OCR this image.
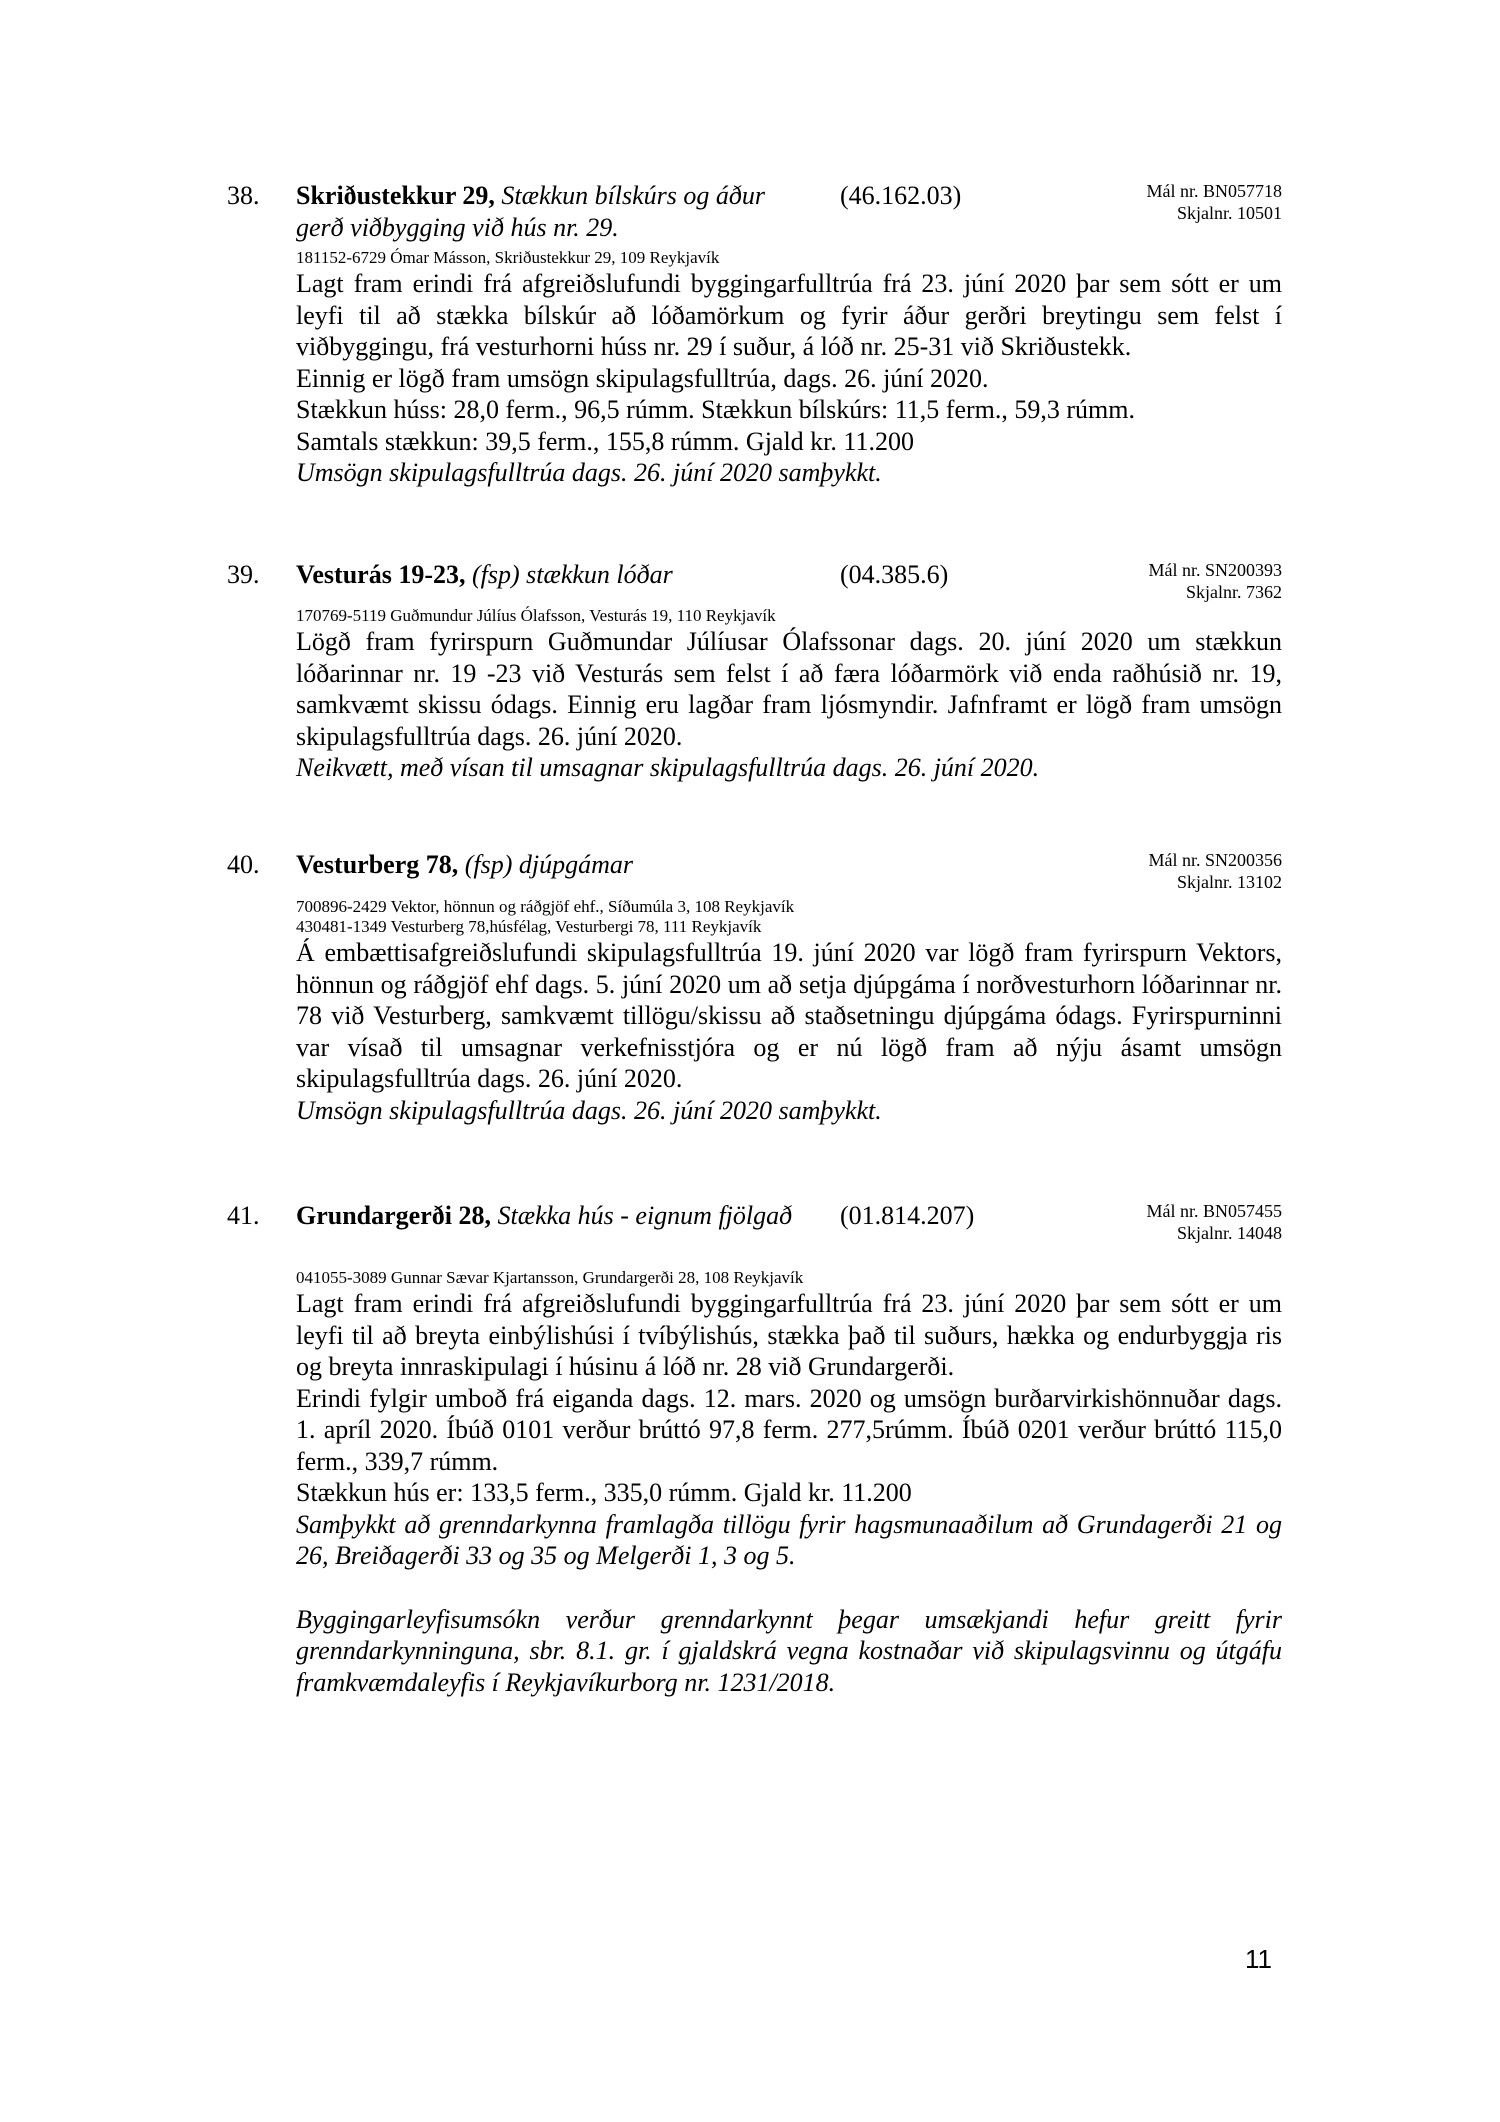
38. Skriðustekkur 29, Stækkun bílskúrs og áður gerð viðbygging við hús nr. 29.
(46.162.03)	Mál nr. BN057718
Skjalnr. 10501
181152-6729 Ómar Másson, Skriðustekkur 29, 109 Reykjavík

Lagt fram erindi frá afgreiðslufundi byggingarfulltrúa frá 23. júní 2020 þar sem sótt er um leyfi til að stækka bílskúr að lóðamörkum og fyrir áður gerðri breytingu sem felst í viðbyggingu, frá vesturhorni húss nr. 29 í suður, á lóð nr. 25-31 við Skriðustekk.

Einnig er lögð fram umsögn skipulagsfulltrúa, dags. 26. júní 2020.

Stækkun húss: 28,0 ferm., 96,5 rúmm. Stækkun bílskúrs: 11,5 ferm., 59,3 rúmm.

Samtals stækkun: 39,5 ferm., 155,8 rúmm. Gjald kr. 11.200

Umsögn skipulagsfulltrúa dags. 26. júní 2020 samþykkt.

39. Vesturás 19-23, (fsp) stækkun lóðar	(04.385.6)	Mál nr. SN200393
Skjalnr. 7362
170769-5119 Guðmundur Júlíus Ólafsson, Vesturás 19, 110 Reykjavík

Lögð fram fyrirspurn Guðmundar Júlíusar Ólafssonar dags. 20. júní 2020 um stækkun lóðarinnar nr. 19 -23 við Vesturás sem felst í að færa lóðarmörk við enda raðhúsið nr. 19, samkvæmt skissu ódags. Einnig eru lagðar fram ljósmyndir. Jafnframt er lögð fram umsögn skipulagsfulltrúa dags. 26. júní 2020.

Neikvætt, með vísan til umsagnar skipulagsfulltrúa dags. 26. júní 2020.

40. Vesturberg 78, (fsp) djúpgámar	Mál nr. SN200356
Skjalnr. 13102
700896-2429 Vektor, hönnun og ráðgjöf ehf., Síðumúla 3, 108 Reykjavík
430481-1349 Vesturberg 78,húsfélag, Vesturbergi 78, 111 Reykjavík

Á embættisafgreiðslufundi skipulagsfulltrúa 19. júní 2020 var lögð fram fyrirspurn Vektors, hönnun og ráðgjöf ehf dags. 5. júní 2020 um að setja djúpgáma í norðvesturhorn lóðarinnar nr. 78 við Vesturberg, samkvæmt tillögu/skissu að staðsetningu djúpgáma ódags. Fyrirspurninni var vísað til umsagnar verkefnisstjóra og er nú lögð fram að nýju ásamt umsögn skipulagsfulltrúa dags. 26. júní 2020.

Umsögn skipulagsfulltrúa dags. 26. júní 2020 samþykkt.

41. Grundargerði 28, Stækka hús - eignum fjölgað (01.814.207)	Mál nr. BN057455
Skjalnr. 14048
041055-3089 Gunnar Sævar Kjartansson, Grundargerði 28, 108 Reykjavík

Lagt fram erindi frá afgreiðslufundi byggingarfulltrúa frá 23. júní 2020 þar sem sótt er um leyfi til að breyta einbýlishúsi í tvíbýlishús, stækka það til suðurs, hækka og endurbyggja ris og breyta innraskipulagi í húsinu á lóð nr. 28 við Grundargerði.

Erindi fylgir umboð frá eiganda dags. 12. mars. 2020 og umsögn burðarvirkishönnuðar dags. 1. apríl 2020. Íbúð 0101 verður brúttó 97,8 ferm. 277,5rúmm. Íbúð 0201 verður brúttó 115,0 ferm., 339,7 rúmm.

Stækkun hús er: 133,5 ferm., 335,0 rúmm. Gjald kr. 11.200

Samþykkt að grenndarkynna framlagða tillögu fyrir hagsmunaaðilum að Grundagerði 21 og 26, Breiðagerði 33 og 35 og Melgerði 1, 3 og 5.

Byggingarleyfisumsókn verður grenndarkynnt þegar umsækjandi hefur greitt fyrir grenndarkynninguna, sbr. 8.1. gr. í gjaldskrá vegna kostnaðar við skipulagsvinnu og útgáfu framkvæmdaleyfis í Reykjavíkurborg nr. 1231/2018.

11
